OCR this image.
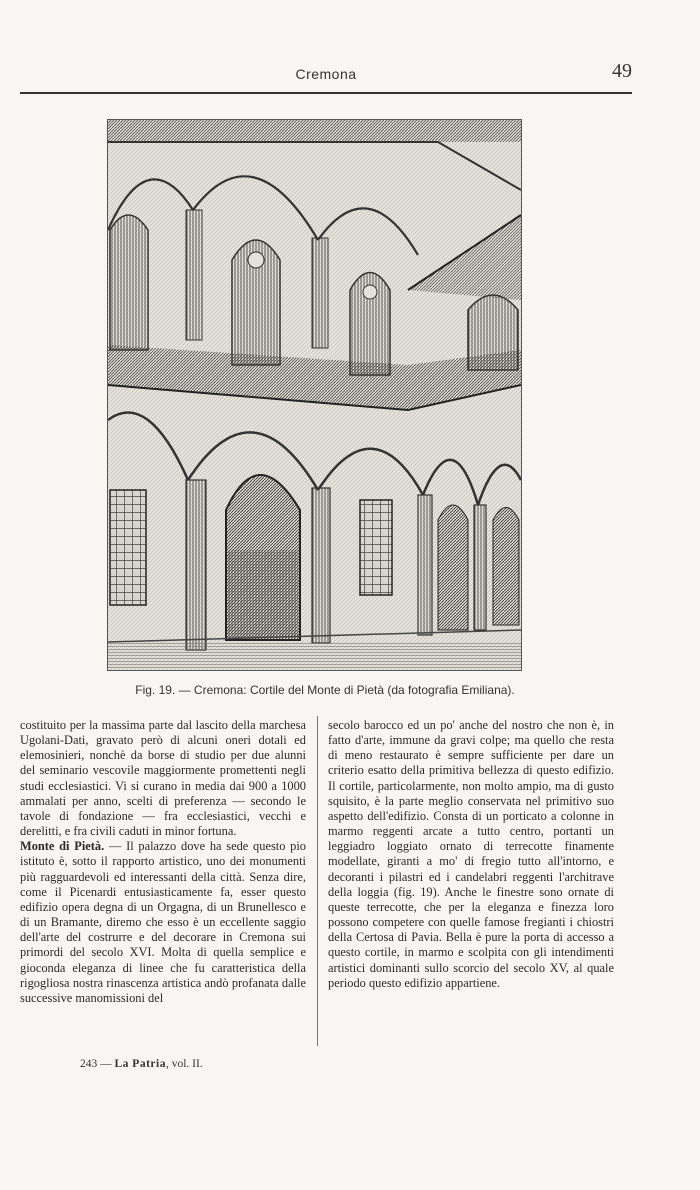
Cremona	49
Fig. 19. — Cremona: Cortile del Monte di Pietà (da fotografia Emiliana).

costituito per la massima parte dal lascito della marchesa Ugolani-Dati, gravato però di alcuni oneri dotali ed elemosinieri, nonchè da borse di studio per due alunni del seminario vescovile maggiormente promettenti negli studi ecclesiastici. Vi si curano in media dai 900 a 1000 ammalati per anno, scelti di preferenza — secondo le tavole di fondazione — fra ecclesiastici, vecchi e derelitti, e fra civili caduti in minor fortuna.

Monte di Pietà. — Il palazzo dove ha sede questo pio istituto è, sotto il rapporto artistico, uno dei monumenti più ragguardevoli ed interessanti della città. Senza dire, come il Picenardi entusiasticamente fa, esser questo edifizio opera degna di un Orgagna, di un Brunellesco e di un Bramante, diremo che esso è un eccellente saggio dell'arte del costrurre e del decorare in Cremona sui primordi del secolo XVI. Molta di quella semplice e gioconda eleganza di linee che fu caratteristica della rigogliosa nostra rinascenza artistica andò profanata dalle successive manomissioni del

secolo barocco ed un po' anche del nostro che non è, in fatto d'arte, immune da gravi colpe; ma quello che resta di meno restaurato è sempre sufficiente per dare un criterio esatto della primitiva bellezza di questo edifizio. Il cortile, particolarmente, non molto ampio, ma di gusto squisito, è la parte meglio conservata nel primitivo suo aspetto dell'edifizio. Consta di un porticato a colonne in marmo reggenti arcate a tutto centro, portanti un leggiadro loggiato ornato di terrecotte finamente modellate, giranti a mo' di fregio tutto all'intorno, e decoranti i pilastri ed i candelabri reggenti l'architrave della loggia (fig. 19). Anche le finestre sono ornate di queste terrecotte, che per la eleganza e finezza loro possono competere con quelle famose fregianti i chiostri della Certosa di Pavia. Bella è pure la porta di accesso a questo cortile, in marmo e scolpita con gli intendimenti artistici dominanti sullo scorcio del secolo XV, al quale periodo questo edifizio appartiene.

243 — La Patria, vol. II.
